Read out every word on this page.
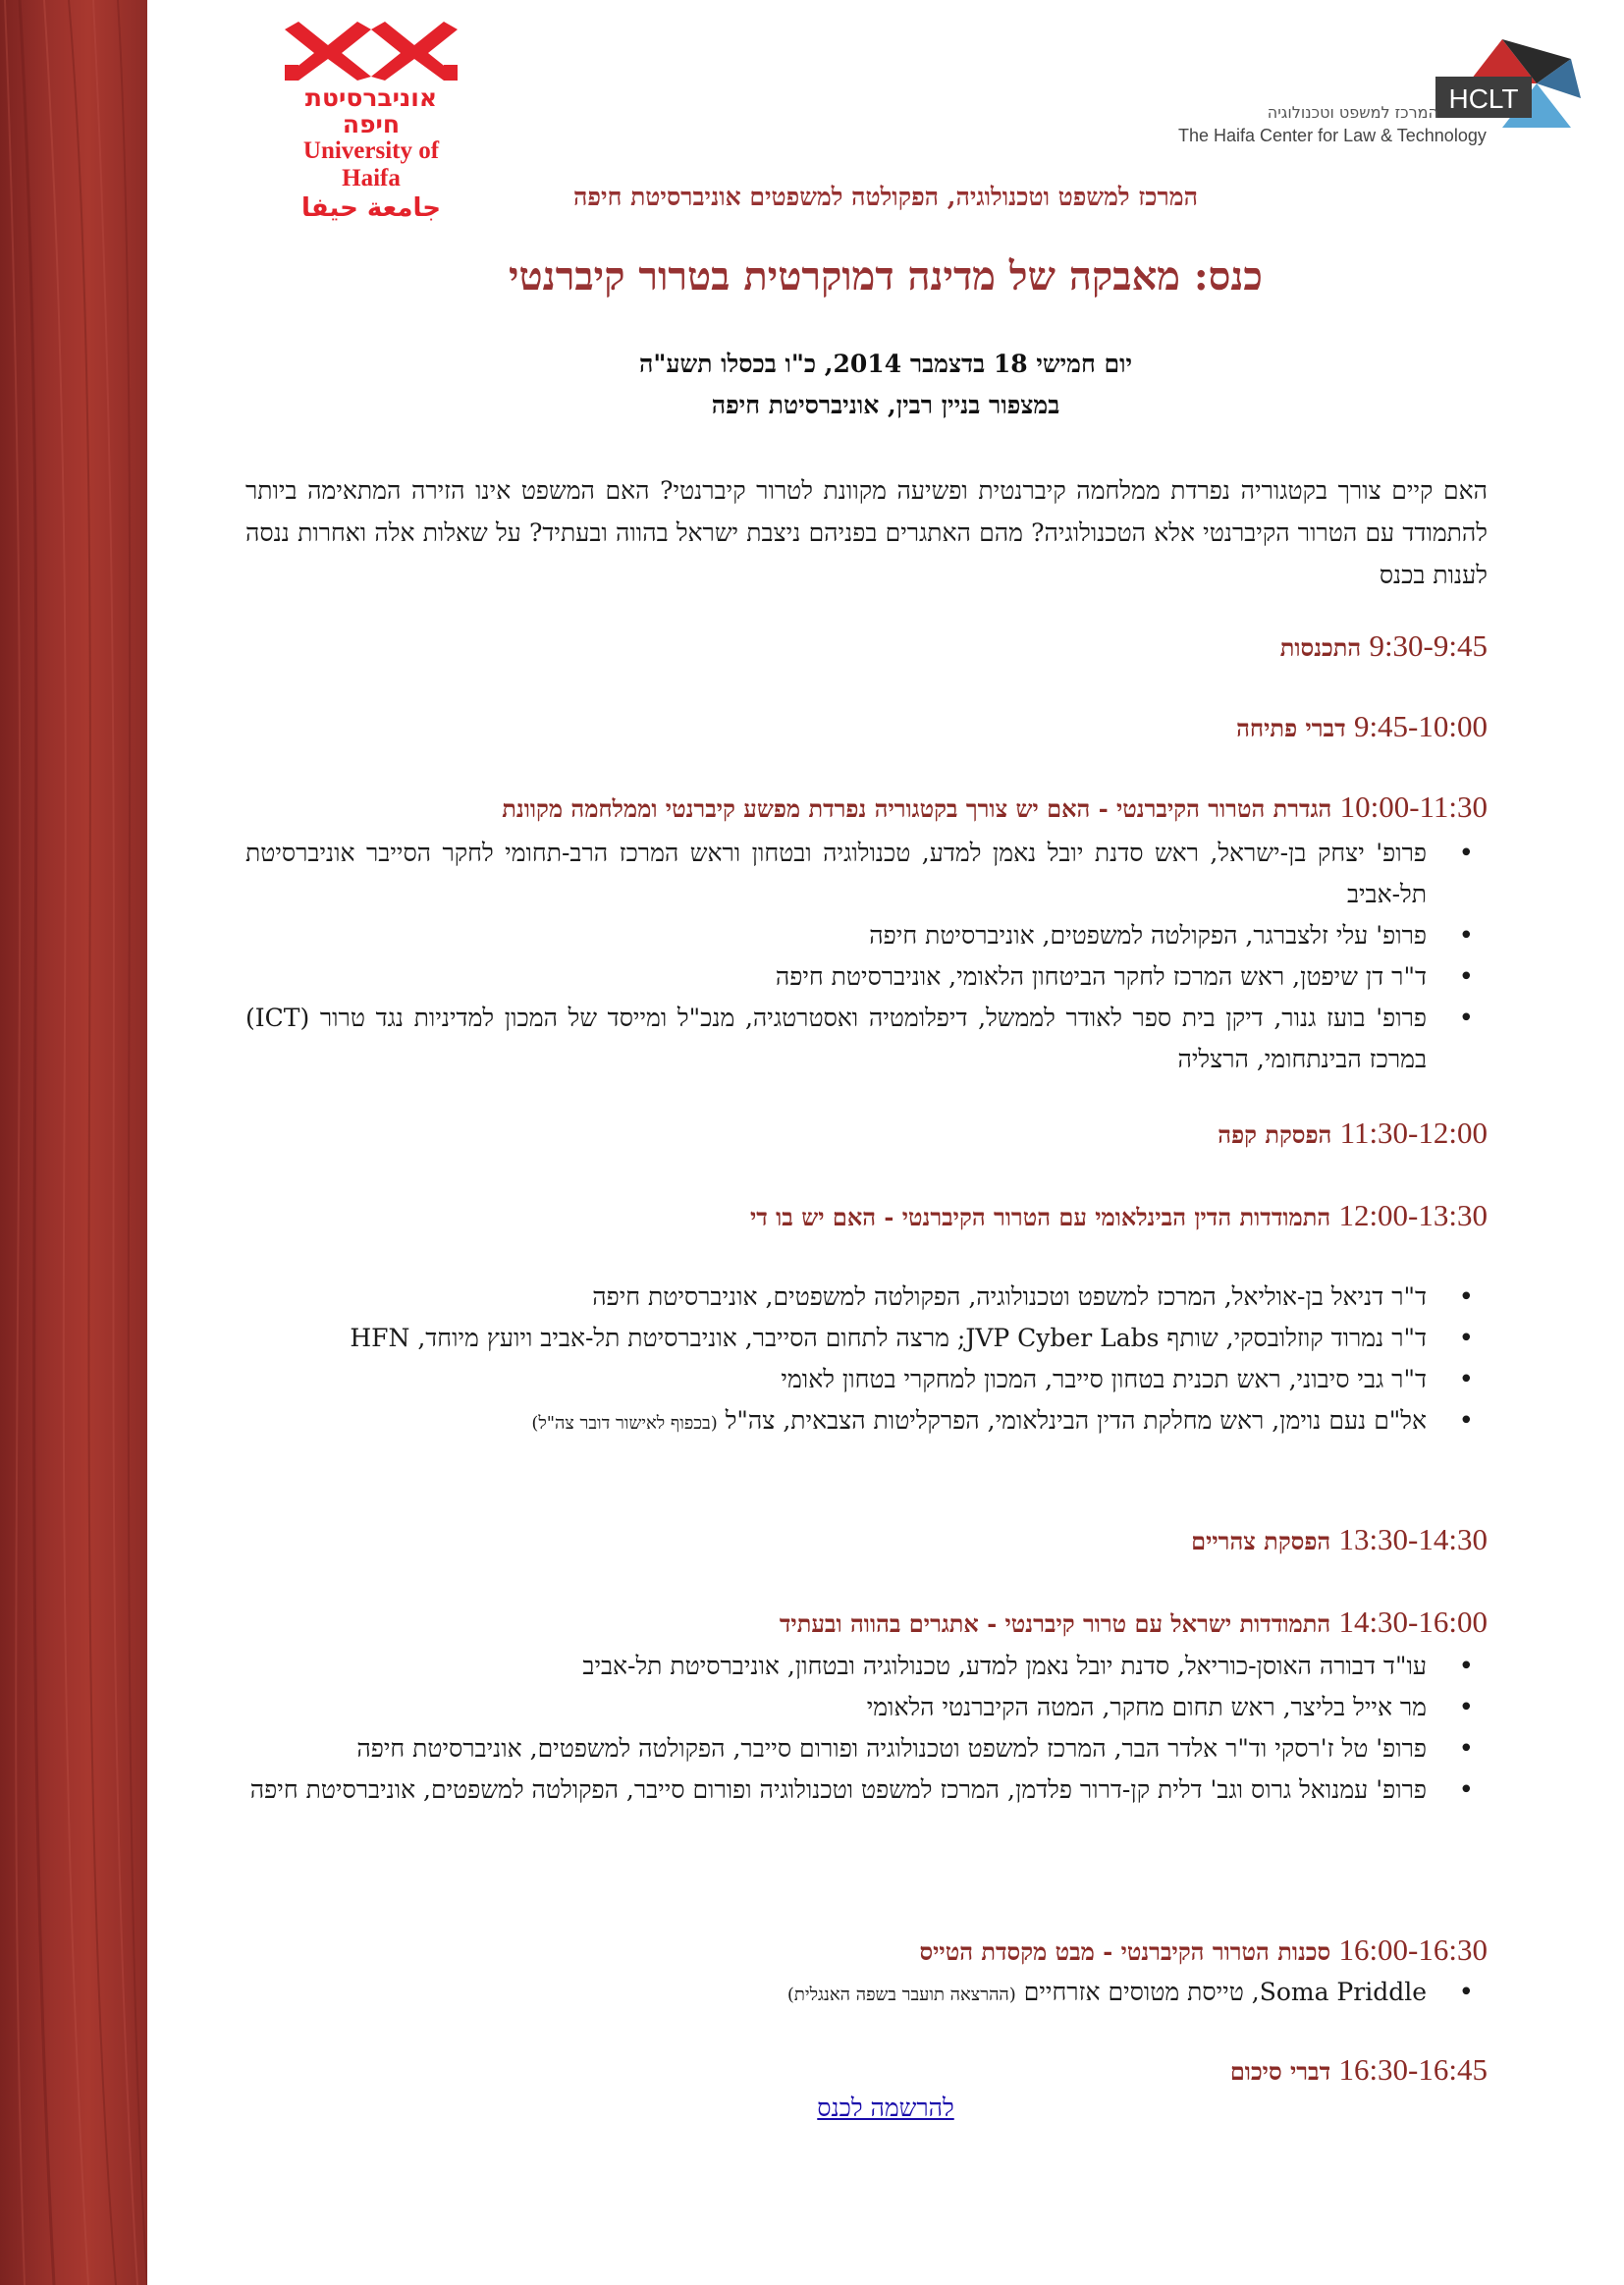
אוניברסיטת חיפה
University of Haifa
جامعة حيفا
HCLT
המרכז למשפט וטכנולוגיה
The Haifa Center for Law & Technology
המרכז למשפט וטכנולוגיה, הפקולטה למשפטים אוניברסיטת חיפה
כנס: מאבקה של מדינה דמוקרטית בטרור קיברנטי
יום חמישי 18 בדצמבר 2014, כ"ו בכסלו תשע"ה
במצפור בניין רבין, אוניברסיטת חיפה
האם קיים צורך בקטגוריה נפרדת ממלחמה קיברנטית ופשיעה מקוונת לטרור קיברנטי? האם המשפט אינו הזירה המתאימה ביותר להתמודד עם הטרור הקיברנטי אלא הטכנולוגיה? מהם האתגרים בפניהם ניצבת ישראל בהווה ובעתיד? על שאלות אלה ואחרות ננסה לענות בכנס
9:30-9:45 התכנסות
9:45-10:00 דברי פתיחה
10:00-11:30 הגדרת הטרור הקיברנטי - האם יש צורך בקטגוריה נפרדת מפשע קיברנטי וממלחמה מקוונת
• פרופ' יצחק בן-ישראל, ראש סדנת יובל נאמן למדע, טכנולוגיה ובטחון וראש המרכז הרב-תחומי לחקר הסייבר אוניברסיטת תל-אביב
• פרופ' עלי זלצברגר, הפקולטה למשפטים, אוניברסיטת חיפה
• ד"ר דן שיפטן, ראש המרכז לחקר הביטחון הלאומי, אוניברסיטת חיפה
• פרופ' בועז גנור, דיקן בית ספר לאודר לממשל, דיפלומטיה ואסטרטגיה, מנכ"ל ומייסד של המכון למדיניות נגד טרור (ICT) במרכז הבינתחומי, הרצליה
11:30-12:00 הפסקת קפה
12:00-13:30 התמודדות הדין הבינלאומי עם הטרור הקיברנטי - האם יש בו די
• ד"ר דניאל בן-אוליאל, המרכז למשפט וטכנולוגיה, הפקולטה למשפטים, אוניברסיטת חיפה
• ד"ר נמרוד קוזלובסקי, שותף JVP Cyber Labs; מרצה לתחום הסייבר, אוניברסיטת תל-אביב ויועץ מיוחד, HFN
• ד"ר גבי סיבוני, ראש תכנית בטחון סייבר, המכון למחקרי בטחון לאומי
• אל"ם נעם נוימן, ראש מחלקת הדין הבינלאומי, הפרקליטות הצבאית, צה"ל (בכפוף לאישור דובר צה"ל)
13:30-14:30 הפסקת צהריים
14:30-16:00 התמודדות ישראל עם טרור קיברנטי - אתגרים בהווה ובעתיד
• עו"ד דבורה האוסן-כוריאל, סדנת יובל נאמן למדע, טכנולוגיה ובטחון, אוניברסיטת תל-אביב
• מר אייל בליצר, ראש תחום מחקר, המטה הקיברנטי הלאומי
• פרופ' טל ז'רסקי וד"ר אלדר הבר, המרכז למשפט וטכנולוגיה ופורום סייבר, הפקולטה למשפטים, אוניברסיטת חיפה
• פרופ' עמנואל גרוס וגב' דלית קן-דרור פלדמן, המרכז למשפט וטכנולוגיה ופורום סייבר, הפקולטה למשפטים, אוניברסיטת חיפה
16:00-16:30 סכנות הטרור הקיברנטי - מבט מקסדת הטייס
• Soma Priddle, טייסת מטוסים אזרחיים (ההרצאה תועבר בשפה האנגלית)
16:30-16:45 דברי סיכום
להרשמה לכנס
